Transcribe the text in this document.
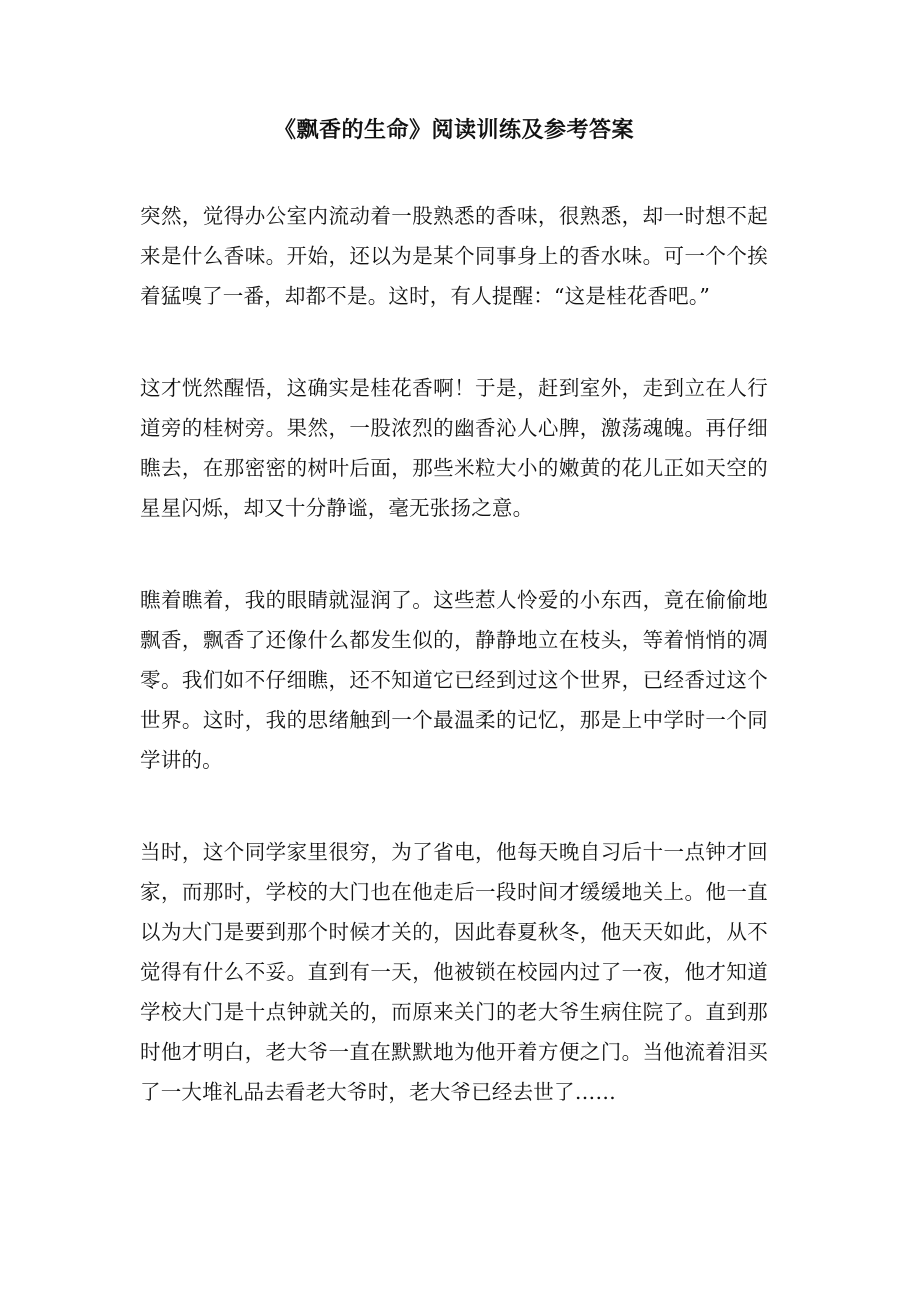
《飘香的生命》阅读训练及参考答案

突然，觉得办公室内流动着一股熟悉的香味，很熟悉，却一时想不起来是什么香味。开始，还以为是某个同事身上的香水味。可一个个挨着猛嗅了一番，却都不是。这时，有人提醒：“这是桂花香吧。”

这才恍然醒悟，这确实是桂花香啊！于是，赶到室外，走到立在人行道旁的桂树旁。果然，一股浓烈的幽香沁人心脾，激荡魂魄。再仔细瞧去，在那密密的树叶后面，那些米粒大小的嫩黄的花儿正如天空的星星闪烁，却又十分静谧，毫无张扬之意。

瞧着瞧着，我的眼睛就湿润了。这些惹人怜爱的小东西，竟在偷偷地飘香，飘香了还像什么都发生似的，静静地立在枝头，等着悄悄的凋零。我们如不仔细瞧，还不知道它已经到过这个世界，已经香过这个世界。这时，我的思绪触到一个最温柔的记忆，那是上中学时一个同学讲的。

当时，这个同学家里很穷，为了省电，他每天晚自习后十一点钟才回家，而那时，学校的大门也在他走后一段时间才缓缓地关上。他一直以为大门是要到那个时候才关的，因此春夏秋冬，他天天如此，从不觉得有什么不妥。直到有一天，他被锁在校园内过了一夜，他才知道学校大门是十点钟就关的，而原来关门的老大爷生病住院了。直到那时他才明白，老大爷一直在默默地为他开着方便之门。当他流着泪买了一大堆礼品去看老大爷时，老大爷已经去世了……
